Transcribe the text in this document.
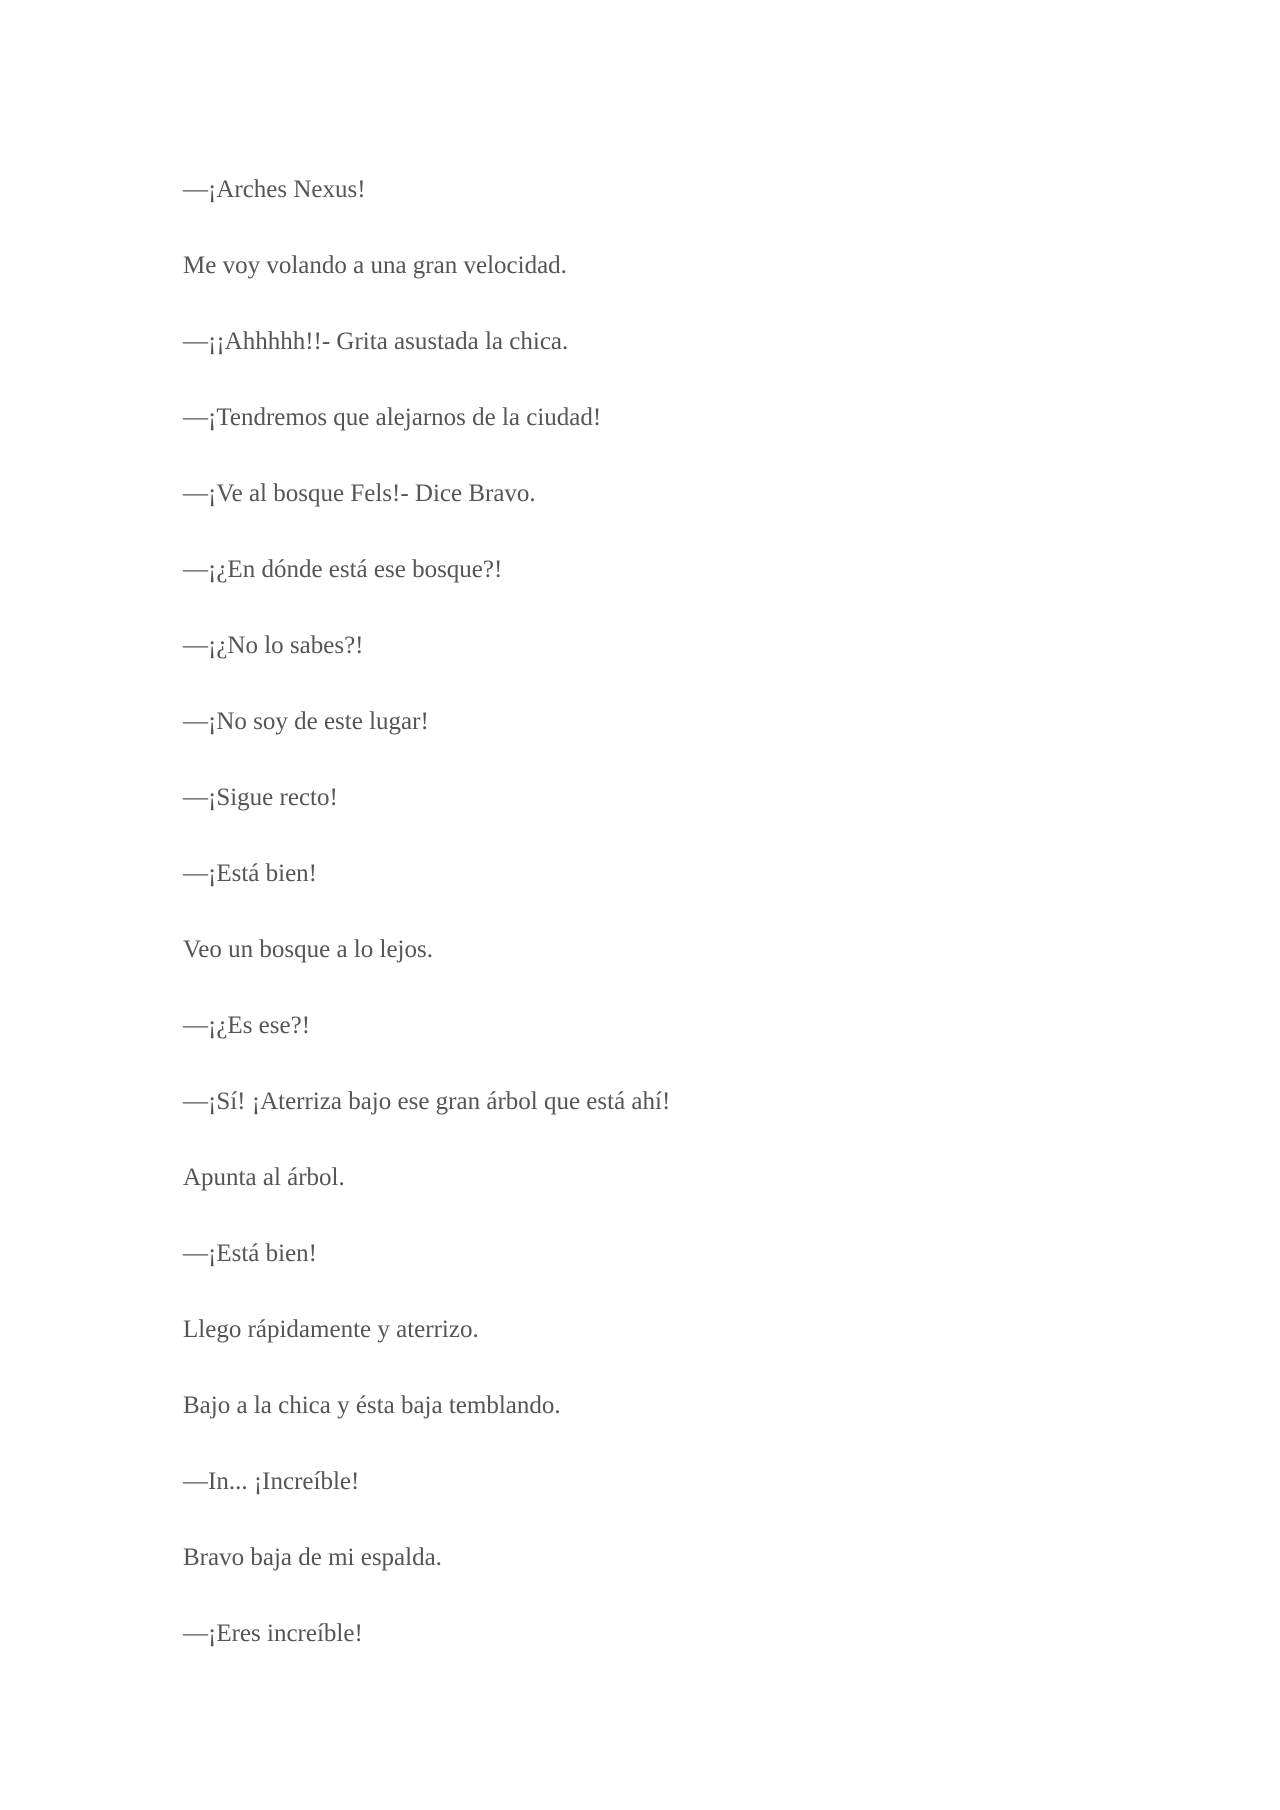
—¡Arches Nexus!

Me voy volando a una gran velocidad.

—¡¡Ahhhhh!!- Grita asustada la chica.

—¡Tendremos que alejarnos de la ciudad!

—¡Ve al bosque Fels!- Dice Bravo.

—¡¿En dónde está ese bosque?!

—¡¿No lo sabes?!

—¡No soy de este lugar!

—¡Sigue recto!

—¡Está bien!

Veo un bosque a lo lejos.

—¡¿Es ese?!

—¡Sí! ¡Aterriza bajo ese gran árbol que está ahí!

Apunta al árbol.

—¡Está bien!

Llego rápidamente y aterrizo.

Bajo a la chica y ésta baja temblando.

—In... ¡Increíble!

Bravo baja de mi espalda.

—¡Eres increíble!
